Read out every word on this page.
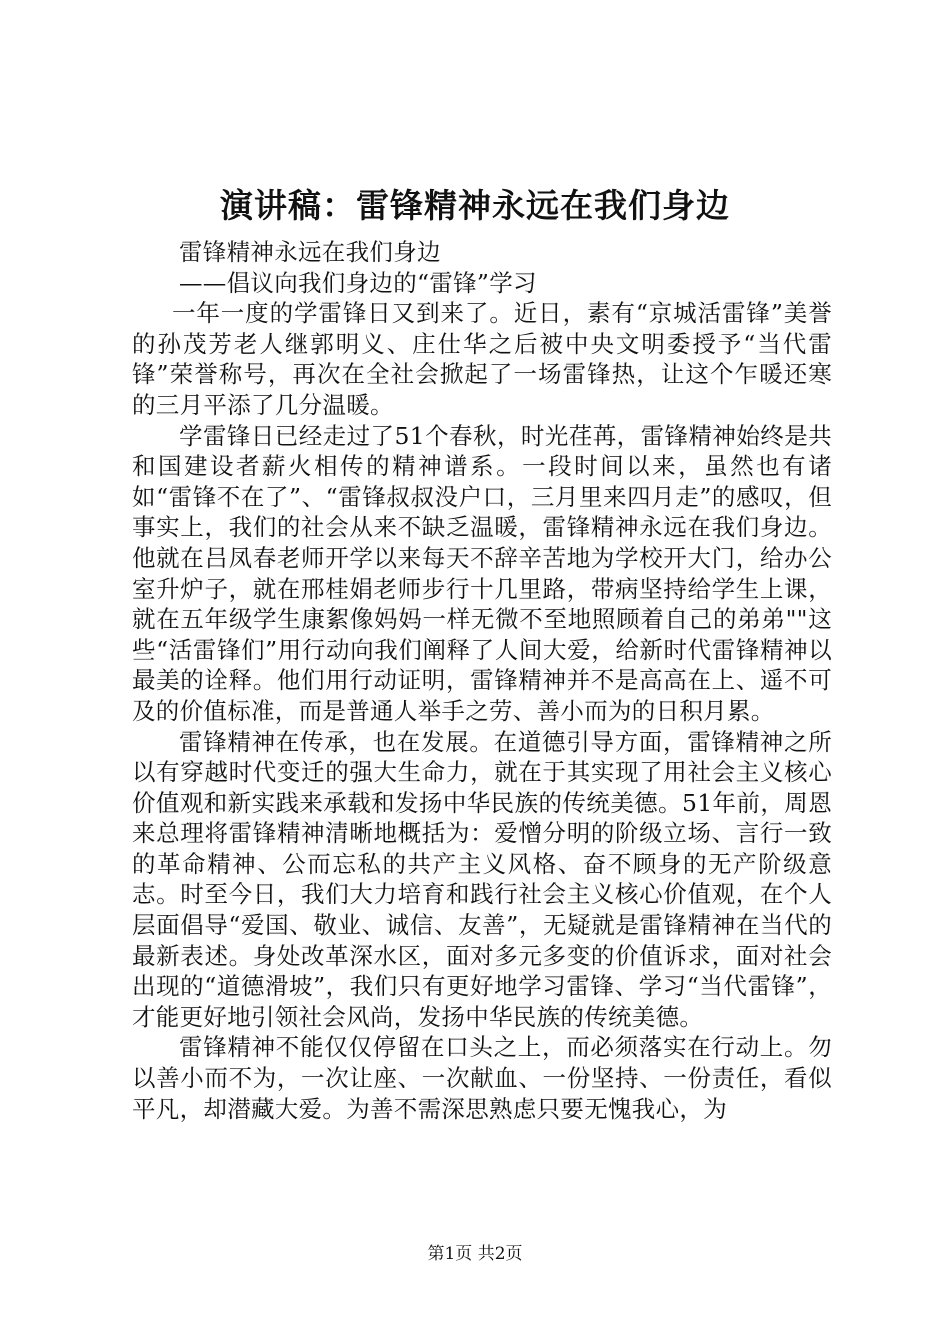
演讲稿：雷锋精神永远在我们身边

雷锋精神永远在我们身边

——倡议向我们身边的“雷锋”学习

一年一度的学雷锋日又到来了。近日，素有“京城活雷锋”美誉的孙茂芳老人继郭明义、庄仕华之后被中央文明委授予“当代雷锋”荣誉称号，再次在全社会掀起了一场雷锋热，让这个乍暖还寒的三月平添了几分温暖。

学雷锋日已经走过了51个春秋，时光荏苒，雷锋精神始终是共和国建设者薪火相传的精神谱系。一段时间以来，虽然也有诸如“雷锋不在了”、“雷锋叔叔没户口，三月里来四月走”的感叹，但事实上，我们的社会从来不缺乏温暖，雷锋精神永远在我们身边。他就在吕凤春老师开学以来每天不辞辛苦地为学校开大门，给办公室升炉子，就在邢桂娟老师步行十几里路，带病坚持给学生上课，就在五年级学生康絮像妈妈一样无微不至地照顾着自己的弟弟""这些“活雷锋们”用行动向我们阐释了人间大爱，给新时代雷锋精神以最美的诠释。他们用行动证明，雷锋精神并不是高高在上、遥不可及的价值标准，而是普通人举手之劳、善小而为的日积月累。

雷锋精神在传承，也在发展。在道德引导方面，雷锋精神之所以有穿越时代变迁的强大生命力，就在于其实现了用社会主义核心价值观和新实践来承载和发扬中华民族的传统美德。51年前，周恩来总理将雷锋精神清晰地概括为：爱憎分明的阶级立场、言行一致的革命精神、公而忘私的共产主义风格、奋不顾身的无产阶级意志。时至今日，我们大力培育和践行社会主义核心价值观，在个人层面倡导“爱国、敬业、诚信、友善”，无疑就是雷锋精神在当代的最新表述。身处改革深水区，面对多元多变的价值诉求，面对社会出现的“道德滑坡”，我们只有更好地学习雷锋、学习“当代雷锋”，才能更好地引领社会风尚，发扬中华民族的传统美德。

雷锋精神不能仅仅停留在口头之上，而必须落实在行动上。勿以善小而不为，一次让座、一次献血、一份坚持、一份责任，看似平凡，却潜藏大爱。为善不需深思熟虑只要无愧我心，为

第1页 共2页
